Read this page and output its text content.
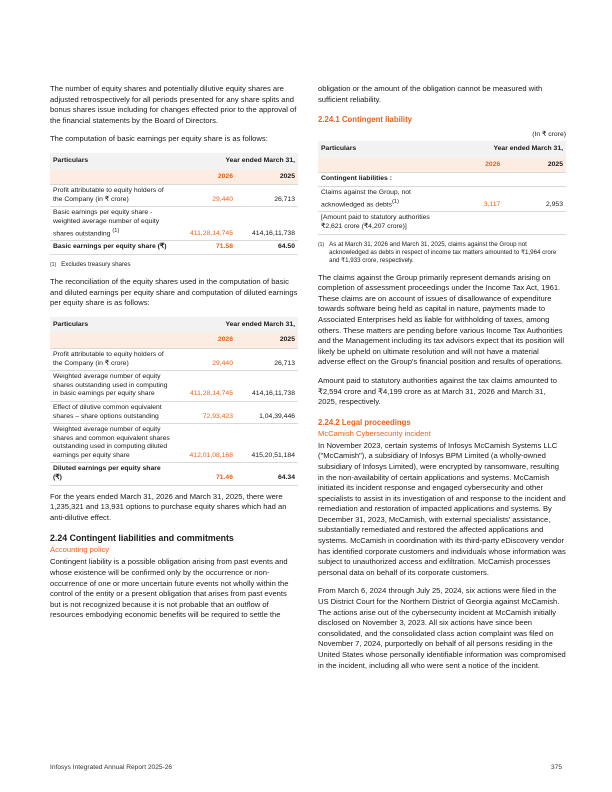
The number of equity shares and potentially dilutive equity shares are adjusted retrospectively for all periods presented for any share splits and bonus shares issue including for changes effected prior to the approval of the financial statements by the Board of Directors.

The computation of basic earnings per equity share is as follows:

Particulars	Year ended March 31,	
	2026	2025
Profit attributable to equity holders of the Company (in ₹ crore)	29,440	26,713
Basic earnings per equity share - weighted average number of equity shares outstanding $^{(1)}$	411,28,14,745	414,16,11,738
Basic earnings per equity share (₹)	71.58	64.50
(1) Excludes treasury shares

The reconciliation of the equity shares used in the computation of basic and diluted earnings per equity share and computation of diluted earnings per equity share is as follows:

Particulars	Year ended March 31,	
	2026	2025
Profit attributable to equity holders of the Company (in ₹ crore)	29,440	26,713
Weighted average number of equity shares outstanding used in computing in basic earnings per equity share	411,28,14,745	414,16,11,738
Effect of dilutive common equivalent shares – share options outstanding	72,93,423	1,04,39,446
Weighted average number of equity shares and common equivalent shares outstanding used in computing diluted earnings per equity share	412,01,08,168	415,20,51,184
Diluted earnings per equity share (₹)	71.46	64.34

For the years ended March 31, 2026 and March 31, 2025, there were 1,235,321 and 13,931 options to purchase equity shares which had an anti-dilutive effect.

2.24 Contingent liabilities and commitments
Accounting policy

Contingent liability is a possible obligation arising from past events and whose existence will be confirmed only by the occurrence or non-occurrence of one or more uncertain future events not wholly within the control of the entity or a present obligation that arises from past events but is not recognized because it is not probable that an outflow of resources embodying economic benefits will be required to settle the

obligation or the amount of the obligation cannot be measured with sufficient reliability.

2.24.1 Contingent liability
(In ₹ crore)
Particulars	Year ended March 31,	
	2026	2025
Contingent liabilities :		
Claims against the Group, not acknowledged as debts$^{(1)}$	3,117	2,953
[Amount paid to statutory authorities ₹2,621 crore (₹4,207 crore)]		
(1) As at March 31, 2026 and March 31, 2025, claims against the Group not acknowledged as debts in respect of income tax matters amounted to ₹1,964 crore and ₹1,933 crore, respectively.

The claims against the Group primarily represent demands arising on completion of assessment proceedings under the Income Tax Act, 1961. These claims are on account of issues of disallowance of expenditure towards software being held as capital in nature, payments made to Associated Enterprises held as liable for withholding of taxes, among others. These matters are pending before various Income Tax Authorities and the Management including its tax advisors expect that its position will likely be upheld on ultimate resolution and will not have a material adverse effect on the Group's financial position and results of operations.

Amount paid to statutory authorities against the tax claims amounted to ₹2,594 crore and ₹4,199 crore as at March 31, 2026 and March 31, 2025, respectively.

2.24.2 Legal proceedings
McCamish Cybersecurity incident

In November 2023, certain systems of Infosys McCamish Systems LLC ("McCamish"), a subsidiary of Infosys BPM Limited (a wholly-owned subsidiary of Infosys Limited), were encrypted by ransomware, resulting in the non-availability of certain applications and systems. McCamish initiated its incident response and engaged cybersecurity and other specialists to assist in its investigation of and response to the incident and remediation and restoration of impacted applications and systems. By December 31, 2023, McCamish, with external specialists' assistance, substantially remediated and restored the affected applications and systems. McCamish in coordination with its third-party eDiscovery vendor has identified corporate customers and individuals whose information was subject to unauthorized access and exfiltration. McCamish processes personal data on behalf of its corporate customers.

From March 6, 2024 through July 25, 2024, six actions were filed in the US District Court for the Northern District of Georgia against McCamish. The actions arise out of the cybersecurity incident at McCamish initially disclosed on November 3, 2023. All six actions have since been consolidated, and the consolidated class action complaint was filed on November 7, 2024, purportedly on behalf of all persons residing in the United States whose personally identifiable information was compromised in the incident, including all who were sent a notice of the incident.

Infosys Integrated Annual Report 2025-26	375
